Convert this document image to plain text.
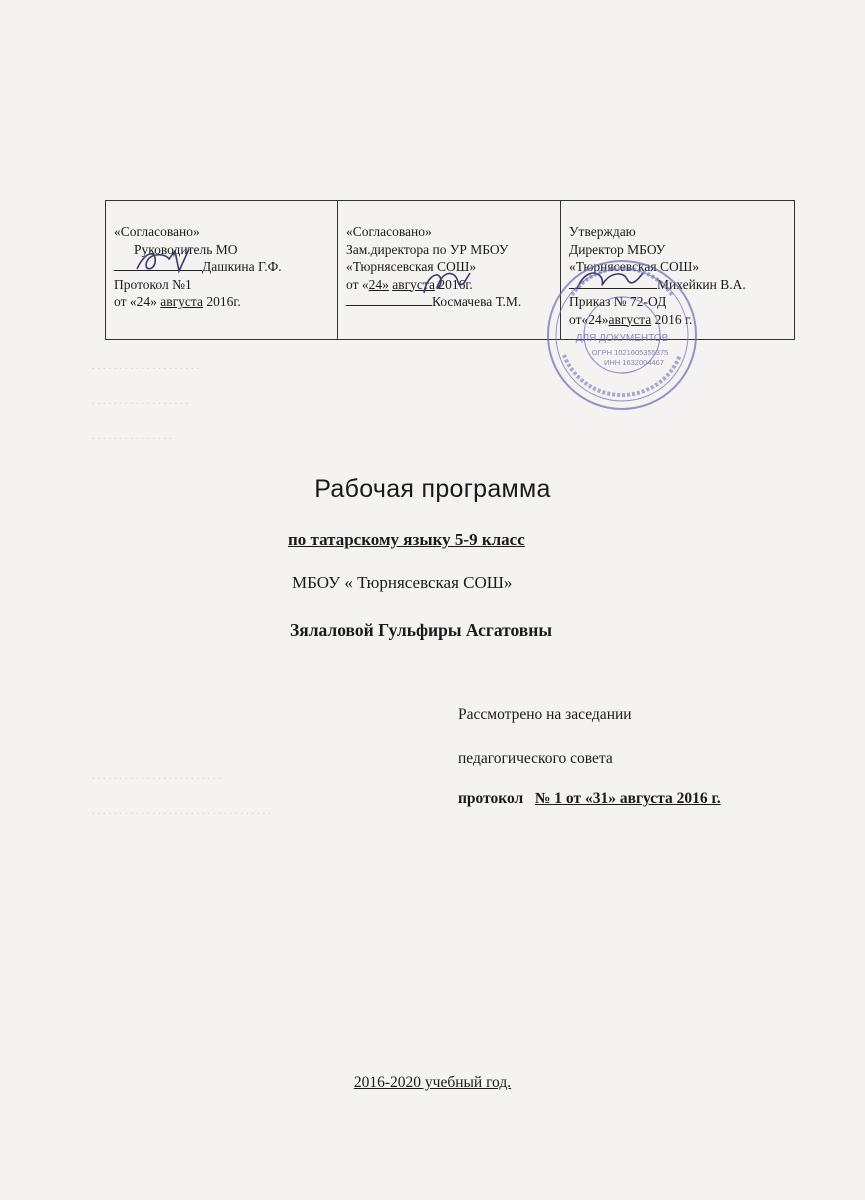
. . . . . . . . . . . . . . . . . . . .
. . . . . . . . . . . . . . . . . .
. . . . . . . . . . . . . . .
. . . . . . . . . . . . . . . . . . . . . . . .
. . . . . . . . . . . . . . . . . . . . . . . . . . . . . . . . .
«Согласовано»
Руководитель МО
Дашкина Г.Ф.
Протокол №1
от «24» августа 2016г.
«Согласовано»
Зам.директора по УР МБОУ
«Тюрнясевская СОШ»
от «24» августа 2016г.
Космачева Т.М.
Утверждаю
Директор МБОУ
«Тюрнясевская СОШ»
Михейкин В.А.
Приказ № 72-ОД
от«24»августа 2016 г.
ДЛЯ ДОКУМЕНТОВ
ОГРН 1021605355375
ИНН 1632004467
Рабочая программа
по татарскому языку 5-9 класс
МБОУ « Тюрнясевская СОШ»
Зялаловой Гульфиры Асгатовны
Рассмотрено на заседании
педагогического совета
протокол № 1 от «31» августа 2016 г.
2016-2020 учебный год.
